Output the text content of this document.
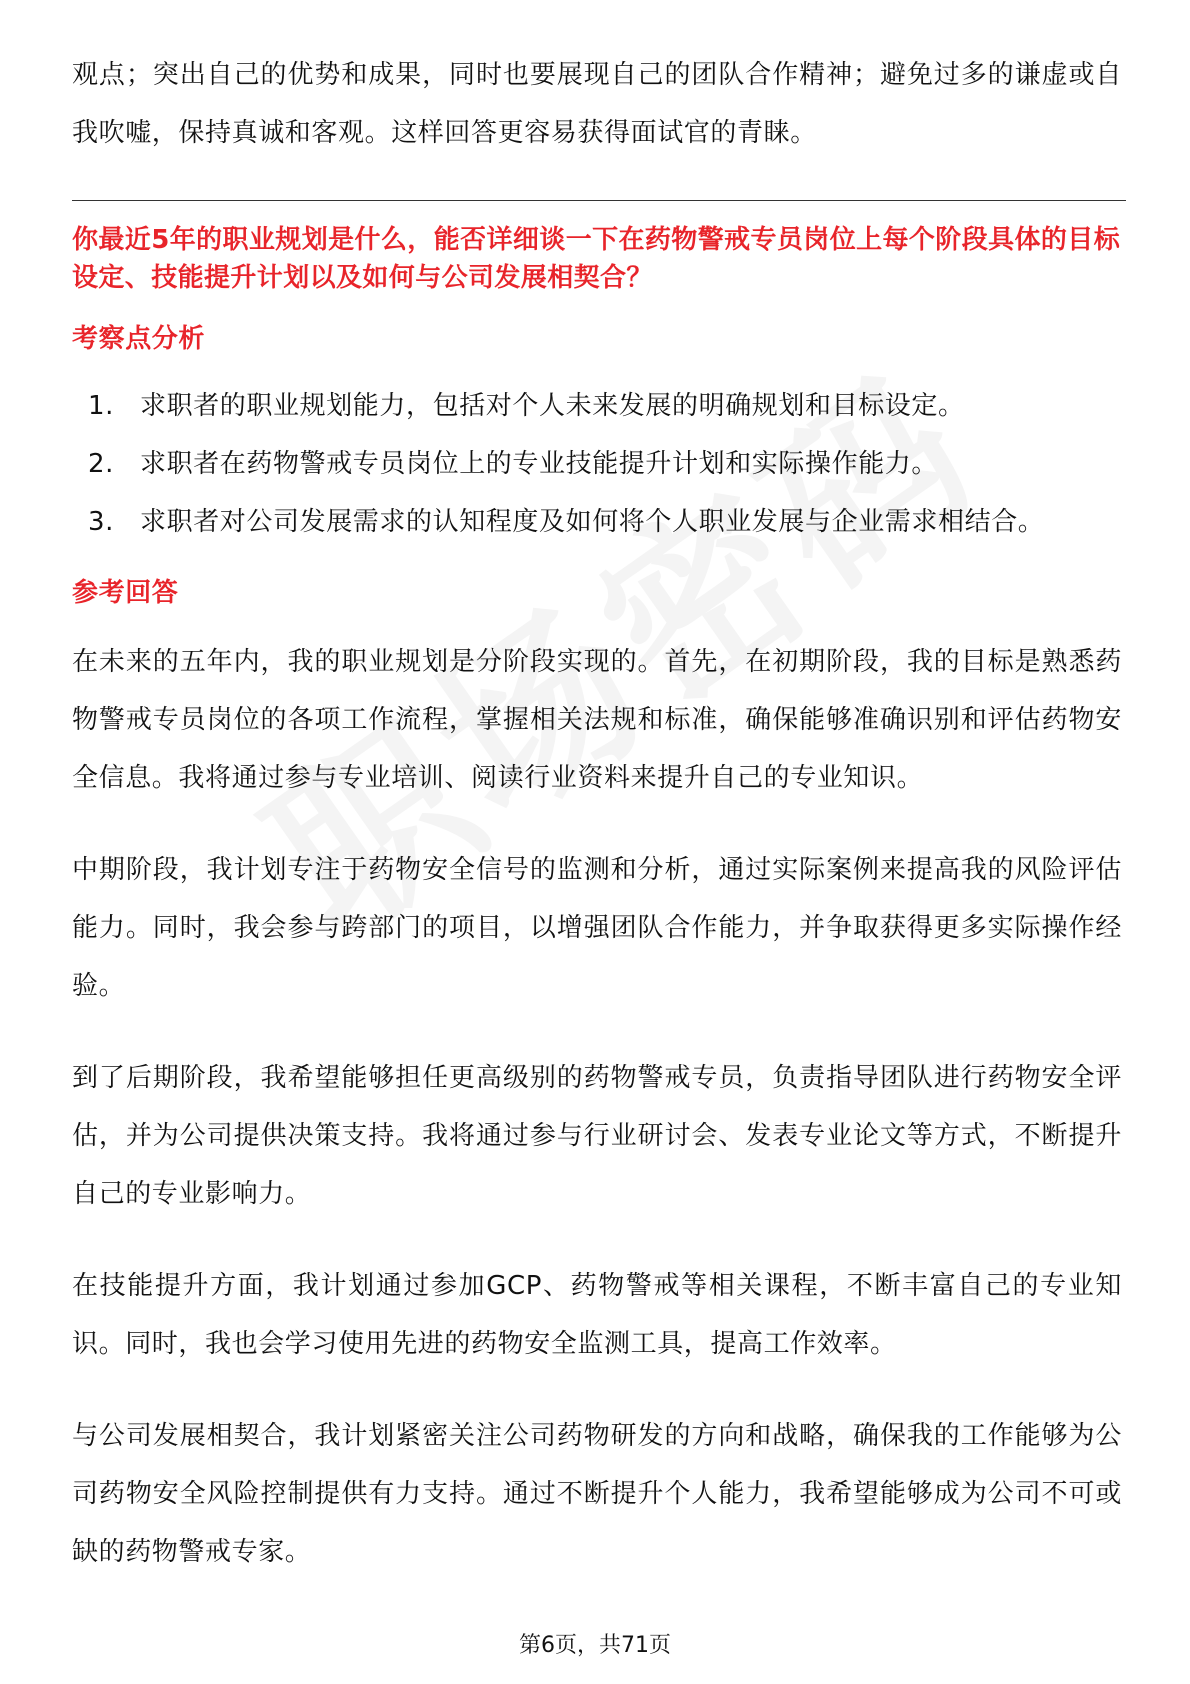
观点；突出自己的优势和成果，同时也要展现自己的团队合作精神；避免过多的谦虚或自我吹嘘，保持真诚和客观。这样回答更容易获得面试官的青睐。

你最近5年的职业规划是什么，能否详细谈一下在药物警戒专员岗位上每个阶段具体的目标设定、技能提升计划以及如何与公司发展相契合？

考察点分析

1. 求职者的职业规划能力，包括对个人未来发展的明确规划和目标设定。
2. 求职者在药物警戒专员岗位上的专业技能提升计划和实际操作能力。
3. 求职者对公司发展需求的认知程度及如何将个人职业发展与企业需求相结合。

参考回答

在未来的五年内，我的职业规划是分阶段实现的。首先，在初期阶段，我的目标是熟悉药物警戒专员岗位的各项工作流程，掌握相关法规和标准，确保能够准确识别和评估药物安全信息。我将通过参与专业培训、阅读行业资料来提升自己的专业知识。

中期阶段，我计划专注于药物安全信号的监测和分析，通过实际案例来提高我的风险评估能力。同时，我会参与跨部门的项目，以增强团队合作能力，并争取获得更多实际操作经验。

到了后期阶段，我希望能够担任更高级别的药物警戒专员，负责指导团队进行药物安全评估，并为公司提供决策支持。我将通过参与行业研讨会、发表专业论文等方式，不断提升自己的专业影响力。

在技能提升方面，我计划通过参加GCP、药物警戒等相关课程，不断丰富自己的专业知识。同时，我也会学习使用先进的药物安全监测工具，提高工作效率。

与公司发展相契合，我计划紧密关注公司药物研发的方向和战略，确保我的工作能够为公司药物安全风险控制提供有力支持。通过不断提升个人能力，我希望能够成为公司不可或缺的药物警戒专家。

第6页，共71页
